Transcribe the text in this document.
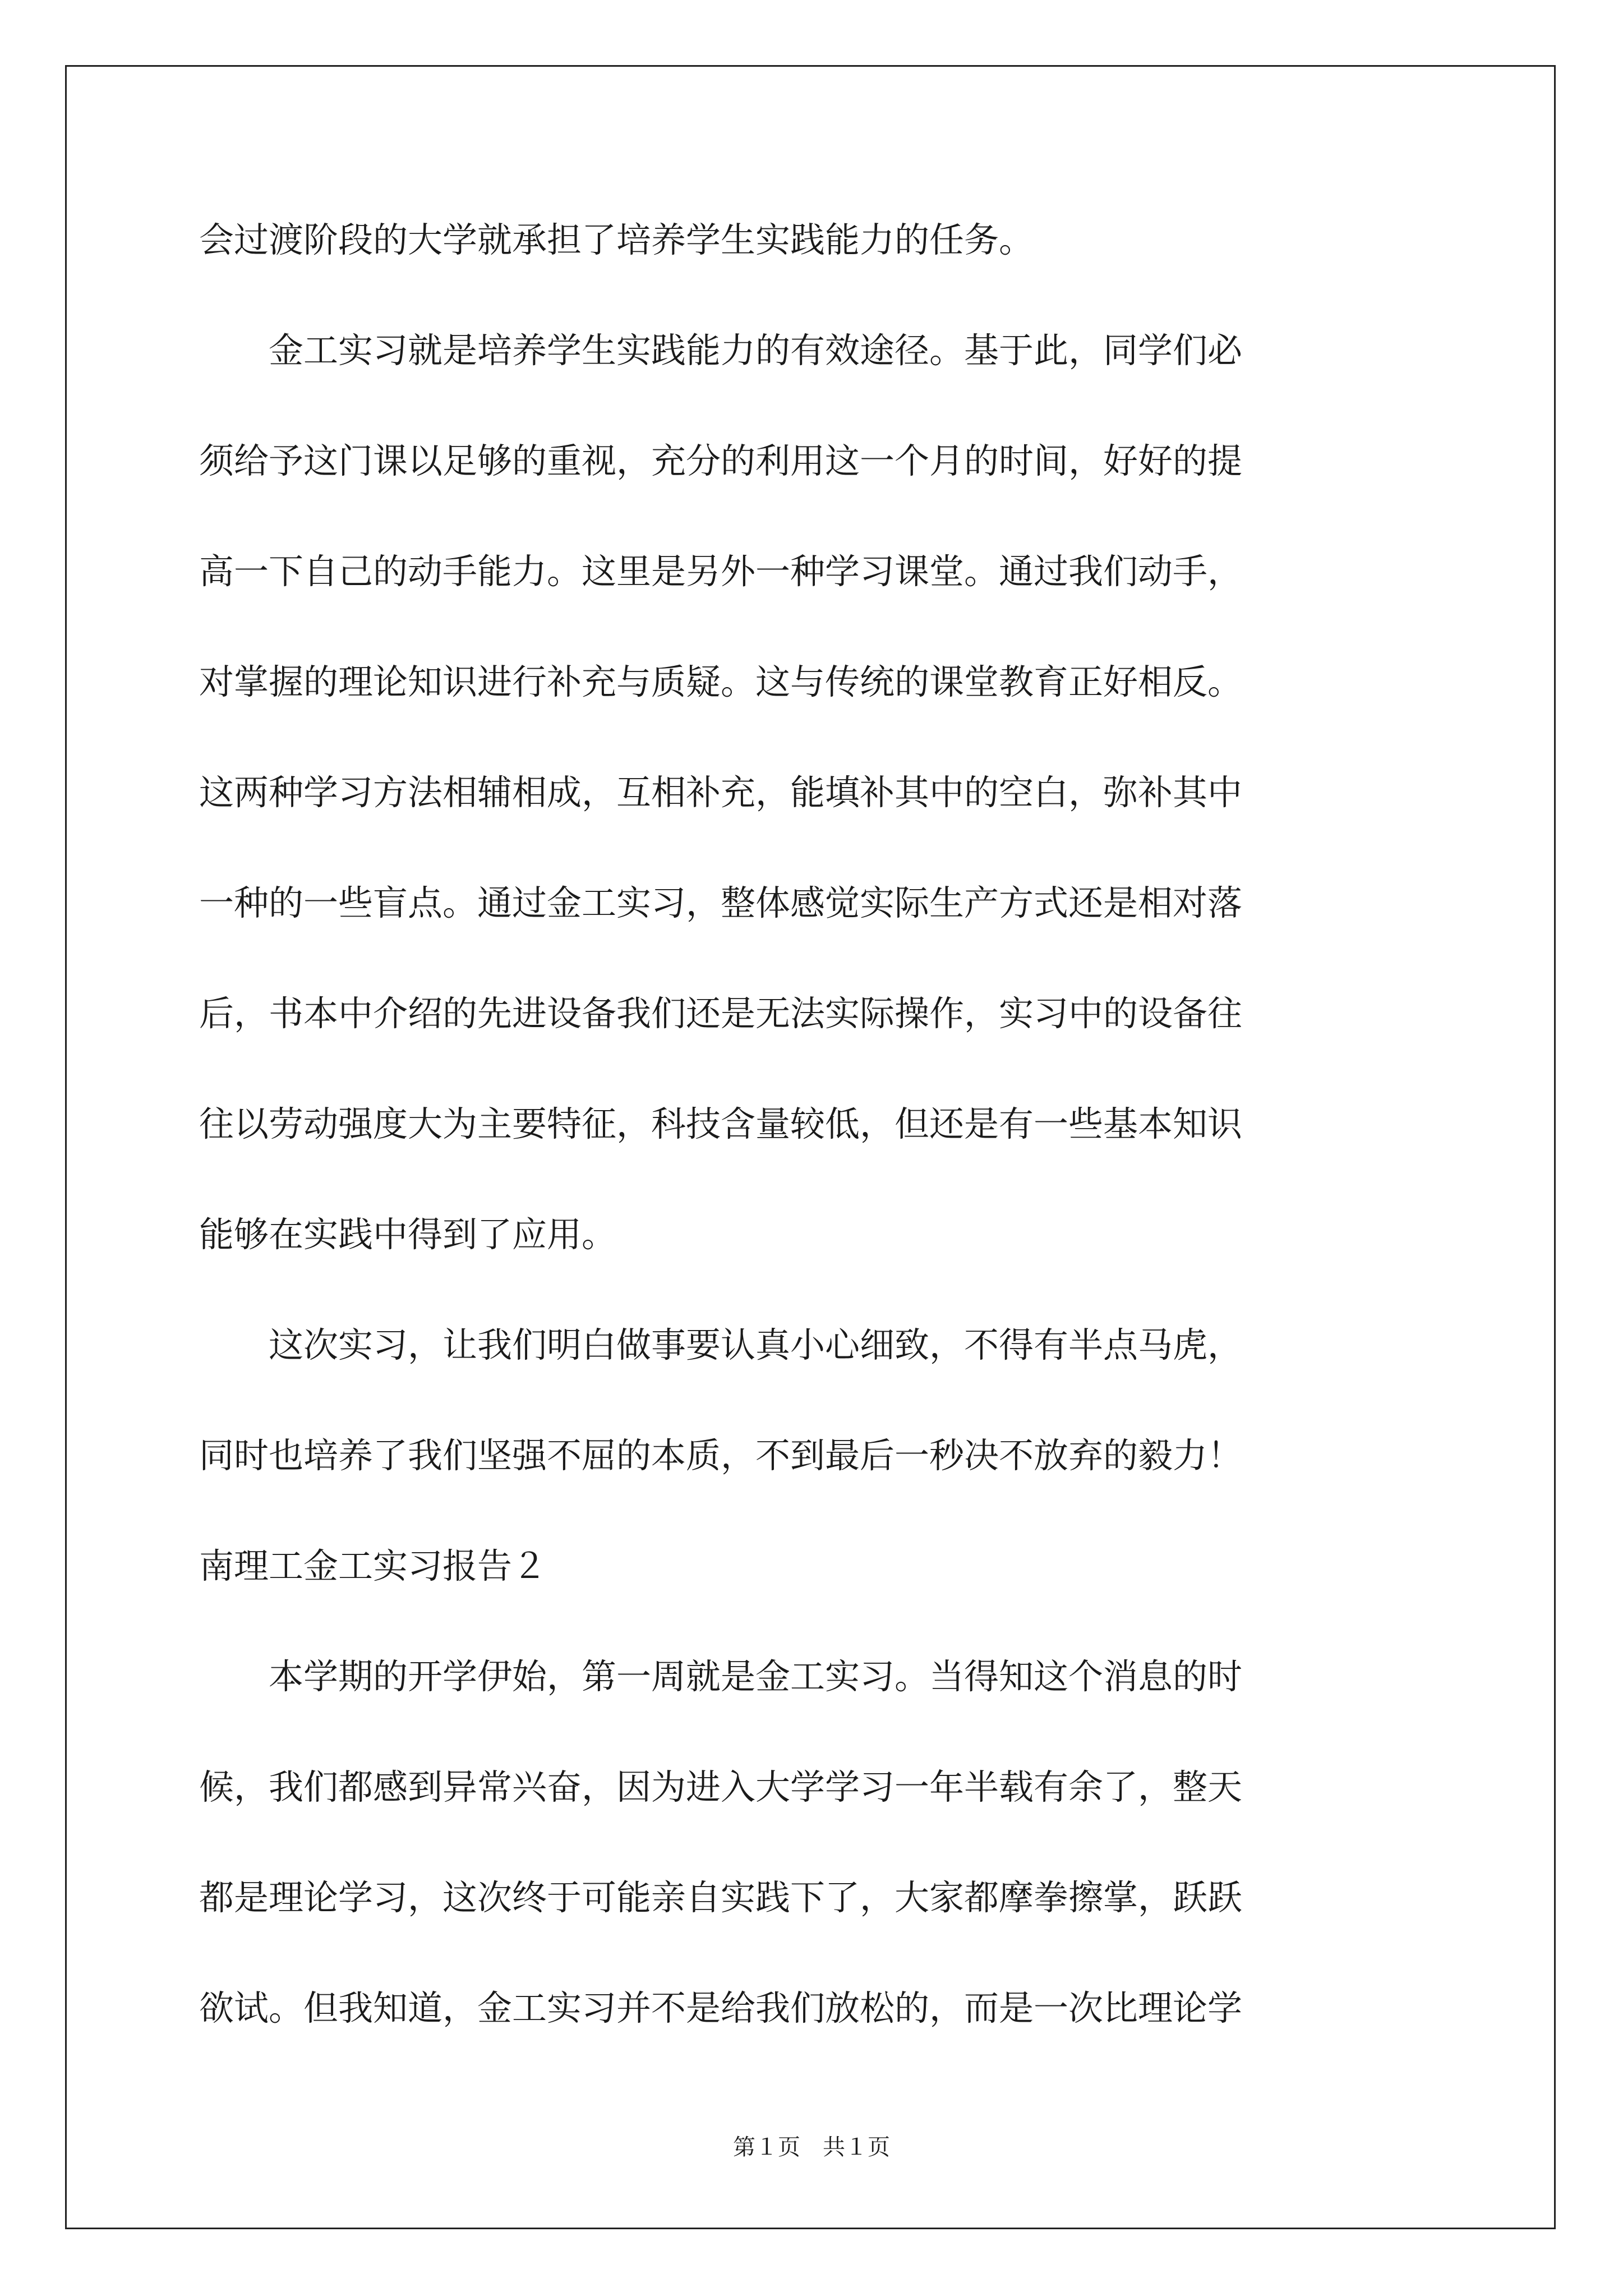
会过渡阶段的大学就承担了培养学生实践能力的任务。
　　金工实习就是培养学生实践能力的有效途径。基于此，同学们必
须给予这门课以足够的重视，充分的利用这一个月的时间，好好的提
高一下自己的动手能力。这里是另外一种学习课堂。通过我们动手，
对掌握的理论知识进行补充与质疑。这与传统的课堂教育正好相反。
这两种学习方法相辅相成，互相补充，能填补其中的空白，弥补其中
一种的一些盲点。通过金工实习，整体感觉实际生产方式还是相对落
后，书本中介绍的先进设备我们还是无法实际操作，实习中的设备往
往以劳动强度大为主要特征，科技含量较低，但还是有一些基本知识
能够在实践中得到了应用。
　　这次实习，让我们明白做事要认真小心细致，不得有半点马虎，
同时也培养了我们坚强不屈的本质，不到最后一秒决不放弃的毅力！
南理工金工实习报告２
　　本学期的开学伊始，第一周就是金工实习。当得知这个消息的时
候，我们都感到异常兴奋，因为进入大学学习一年半载有余了，整天
都是理论学习，这次终于可能亲自实践下了，大家都摩拳擦掌，跃跃
欲试。但我知道，金工实习并不是给我们放松的，而是一次比理论学
第１页　共１页
